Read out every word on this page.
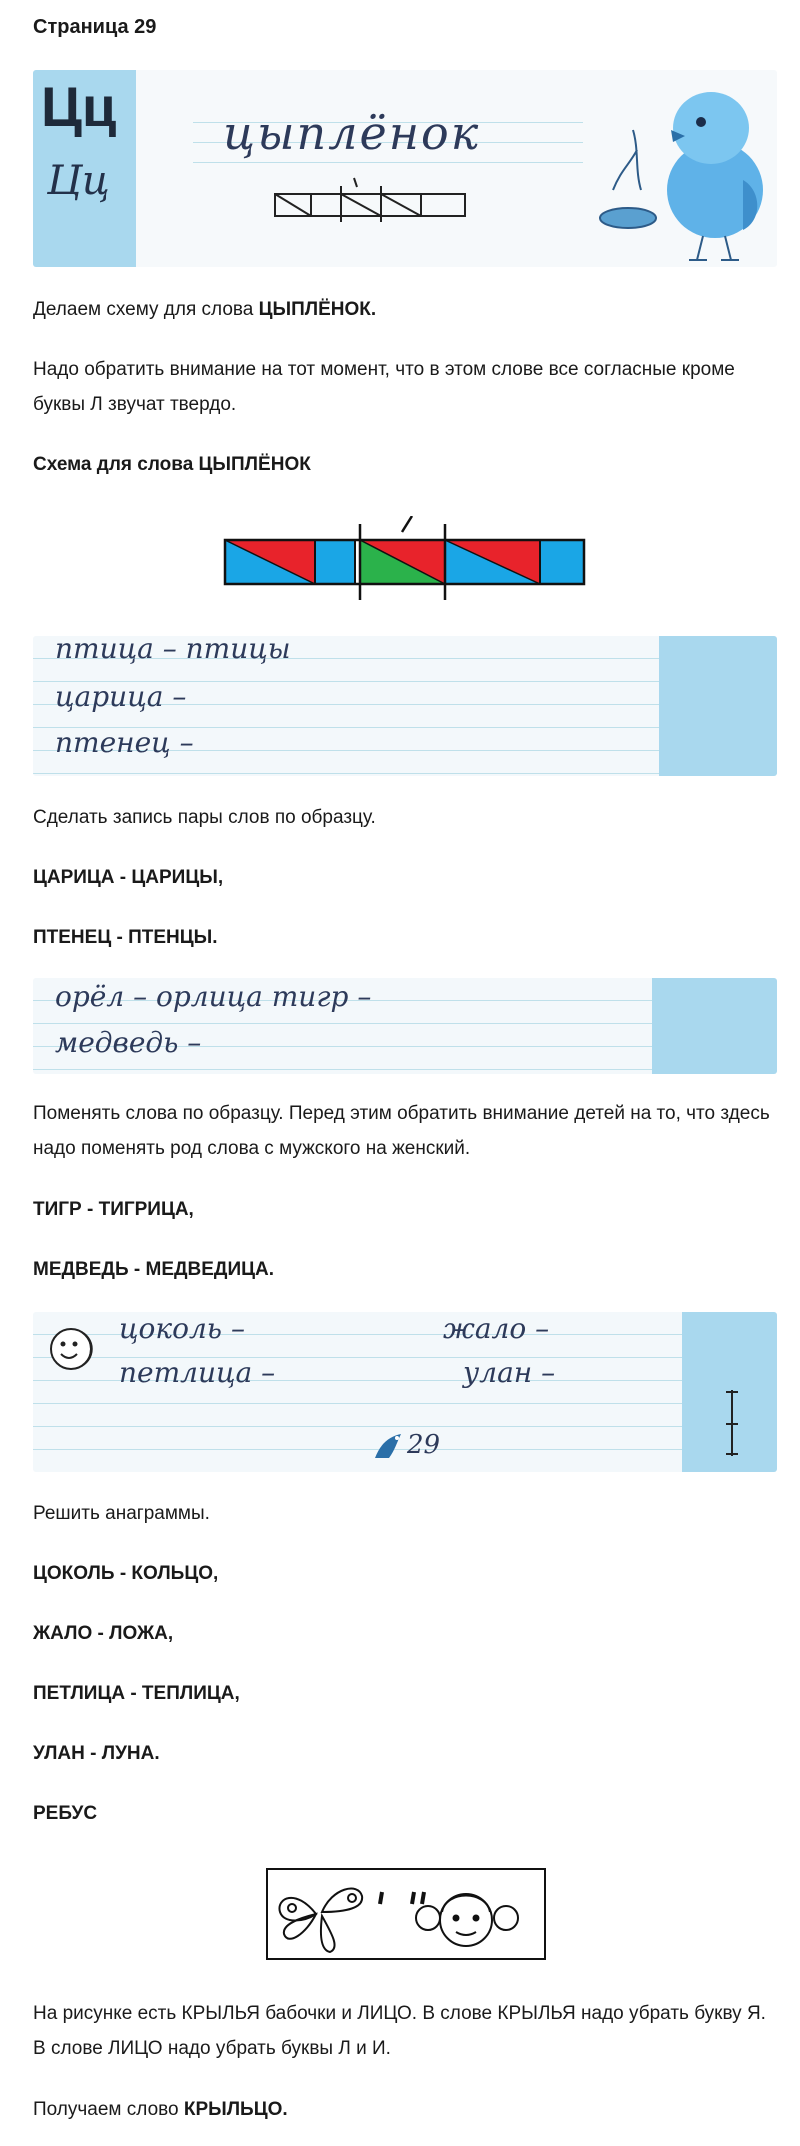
Страница 29
Цц
Цц
цыплёнок
Делаем схему для слова ЦЫПЛЁНОК.
Надо обратить внимание на тот момент, что в этом слове все согласные кроме буквы Л звучат твердо.
Схема для слова ЦЫПЛЁНОК
птица – птицы
царица –
птенец –
Сделать запись пары слов по образцу.
ЦАРИЦА - ЦАРИЦЫ,
ПТЕНЕЦ - ПТЕНЦЫ.
орёл – орлица тигр –
медведь –
Поменять слова по образцу. Перед этим обратить внимание детей на то, что здесь надо поменять род слова с мужского на женский.
ТИГР - ТИГРИЦА,
МЕДВЕДЬ - МЕДВЕДИЦА.
цоколь –
петлица –
жало –
улан –
29
Решить анаграммы.
ЦОКОЛЬ - КОЛЬЦО,
ЖАЛО - ЛОЖА,
ПЕТЛИЦА - ТЕПЛИЦА,
УЛАН - ЛУНА.
РЕБУС
На рисунке есть КРЫЛЬЯ бабочки и ЛИЦО. В слове КРЫЛЬЯ надо убрать букву Я. В слове ЛИЦО надо убрать буквы Л и И.
Получаем слово КРЫЛЬЦО.
